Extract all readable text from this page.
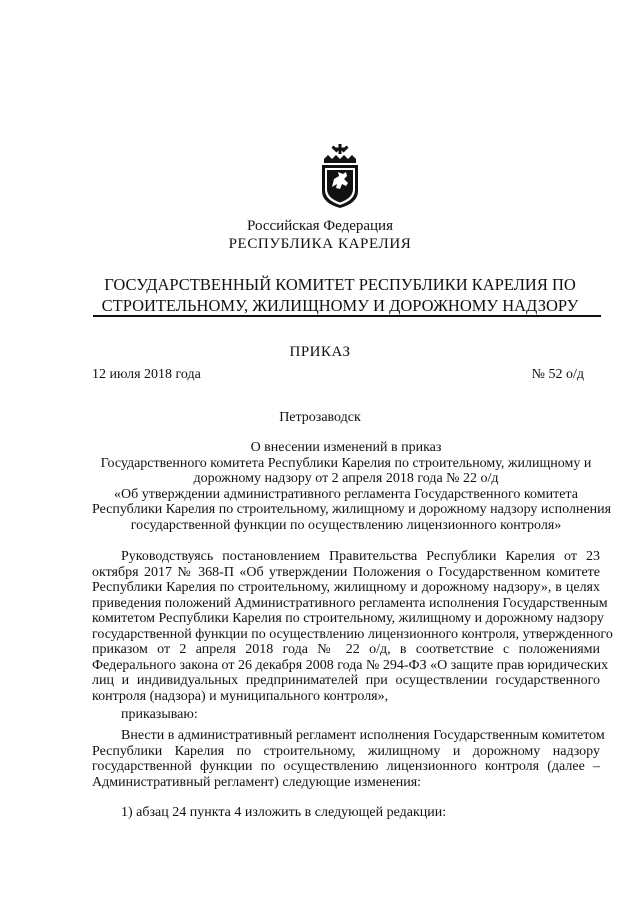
Российская Федерация
РЕСПУБЛИКА КАРЕЛИЯ
ГОСУДАРСТВЕННЫЙ КОМИТЕТ РЕСПУБЛИКИ КАРЕЛИЯ ПО
СТРОИТЕЛЬНОМУ, ЖИЛИЩНОМУ И ДОРОЖНОМУ НАДЗОРУ
ПРИКАЗ
12 июля 2018 года	№ 52 о/д
Петрозаводск
О внесении изменений в приказ
Государственного комитета Республики Карелия по строительному, жилищному и
дорожному надзору от 2 апреля 2018 года № 22 о/д
«Об утверждении административного регламента Государственного комитета
Республики Карелия по строительному, жилищному и дорожному надзору исполнения
государственной функции по осуществлению лицензионного контроля»
Руководствуясь постановлением Правительства Республики Карелия от 23
октября 2017 № 368-П «Об утверждении Положения о Государственном комитете
Республики Карелия по строительному, жилищному и дорожному надзору», в целях
приведения положений Административного регламента исполнения Государственным
комитетом Республики Карелия по строительному, жилищному и дорожному надзору
государственной функции по осуществлению лицензионного контроля, утвержденного
приказом от 2 апреля 2018 года № 22 о/д, в соответствие с положениями
Федерального закона от 26 декабря 2008 года № 294-ФЗ «О защите прав юридических
лиц и индивидуальных предпринимателей при осуществлении государственного
контроля (надзора) и муниципального контроля»,
приказываю:
Внести в административный регламент исполнения Государственным комитетом
Республики Карелия по строительному, жилищному и дорожному надзору
государственной функции по осуществлению лицензионного контроля (далее –
Административный регламент) следующие изменения:
1) абзац 24 пункта 4 изложить в следующей редакции:
